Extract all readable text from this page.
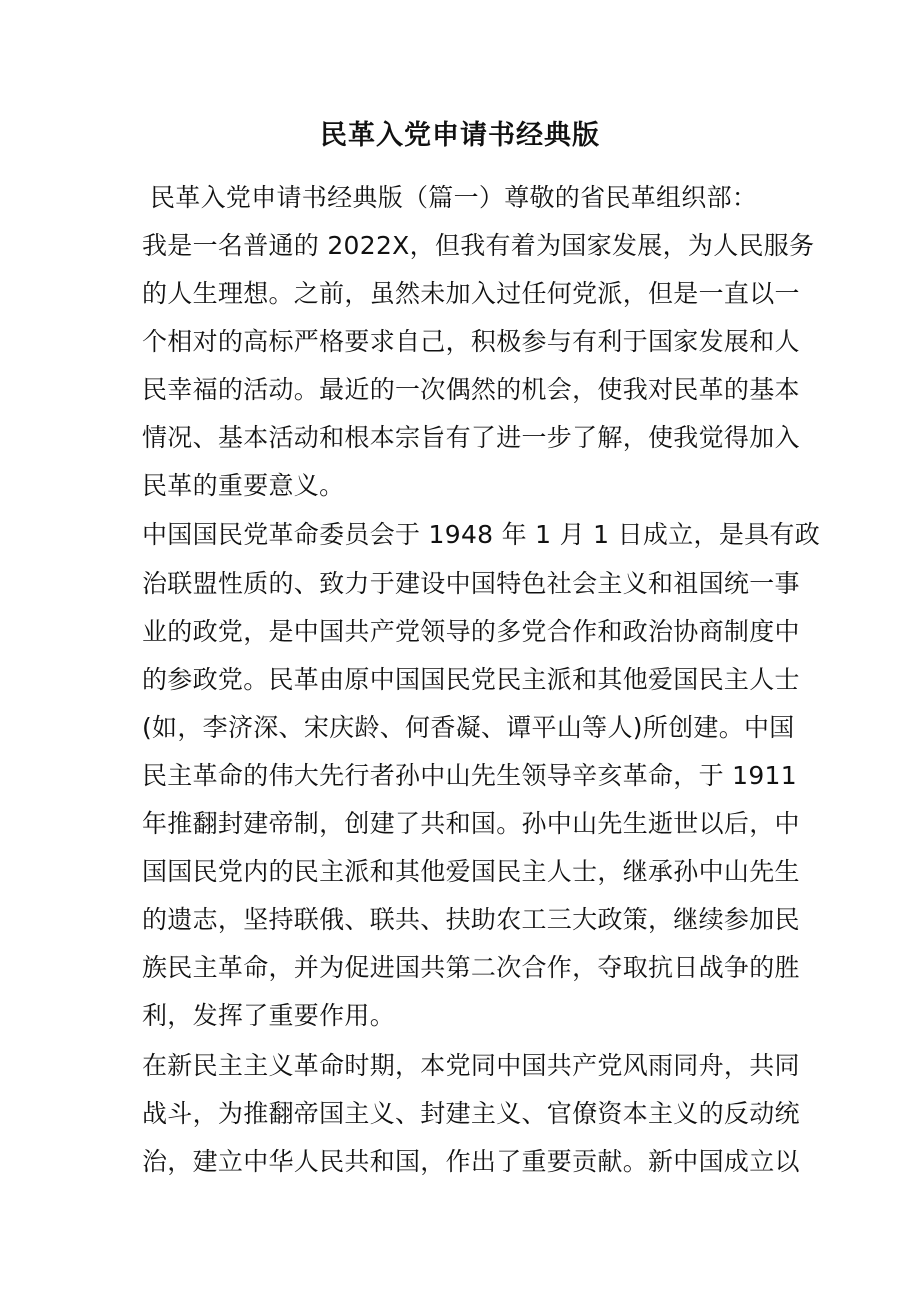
民革入党申请书经典版
民革入党申请书经典版（篇一）尊敬的省民革组织部：
我是一名普通的 2022X，但我有着为国家发展，为人民服务
的人生理想。之前，虽然未加入过任何党派，但是一直以一
个相对的高标严格要求自己，积极参与有利于国家发展和人
民幸福的活动。最近的一次偶然的机会，使我对民革的基本
情况、基本活动和根本宗旨有了进一步了解，使我觉得加入
民革的重要意义。
中国国民党革命委员会于 1948 年 1 月 1 日成立，是具有政
治联盟性质的、致力于建设中国特色社会主义和祖国统一事
业的政党，是中国共产党领导的多党合作和政治协商制度中
的参政党。民革由原中国国民党民主派和其他爱国民主人士
(如，李济深、宋庆龄、何香凝、谭平山等人)所创建。中国
民主革命的伟大先行者孙中山先生领导辛亥革命，于 1911
年推翻封建帝制，创建了共和国。孙中山先生逝世以后，中
国国民党内的民主派和其他爱国民主人士，继承孙中山先生
的遗志，坚持联俄、联共、扶助农工三大政策，继续参加民
族民主革命，并为促进国共第二次合作，夺取抗日战争的胜
利，发挥了重要作用。
在新民主主义革命时期，本党同中国共产党风雨同舟，共同
战斗，为推翻帝国主义、封建主义、官僚资本主义的反动统
治，建立中华人民共和国，作出了重要贡献。新中国成立以
